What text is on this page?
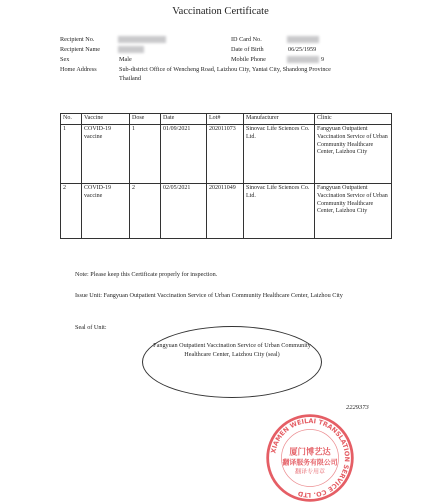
Vaccination Certificate
Recipient No.
Recipient Name
Sex	Male
Home Address	Sub-district Office of Wencheng Road, Laizhou City, Yantai City, Shandong Province
Thailand
ID Card No.
Date of Birth	06/25/1959
Mobile Phone	9
No.	Vaccine	Dose	Date	Lot#	Manufacturer	Clinic
1	COVID-19 vaccine	1	01/09/2021	202011073	Sinovac Life Sciences Co. Ltd.	Fangyuan Outpatient Vaccination Service of Urban Community Healthcare Center, Laizhou City
2	COVID-19 vaccine	2	02/05/2021	202011049	Sinovac Life Sciences Co. Ltd.	Fangyuan Outpatient Vaccination Service of Urban Community Healthcare Center, Laizhou City
Note: Please keep this Certificate properly for inspection.
Issue Unit: Fangyuan Outpatient Vaccination Service of Urban Community Healthcare Center, Laizhou City
Seal of Unit:
Fangyuan Outpatient Vaccination Service of Urban Community Healthcare Center, Laizhou City (seal)
2229373
XIAMEN WEILAI TRANSLATION SERVICE CO. LTD
厦门博艺达
翻译服务有限公司
翻译专用章
